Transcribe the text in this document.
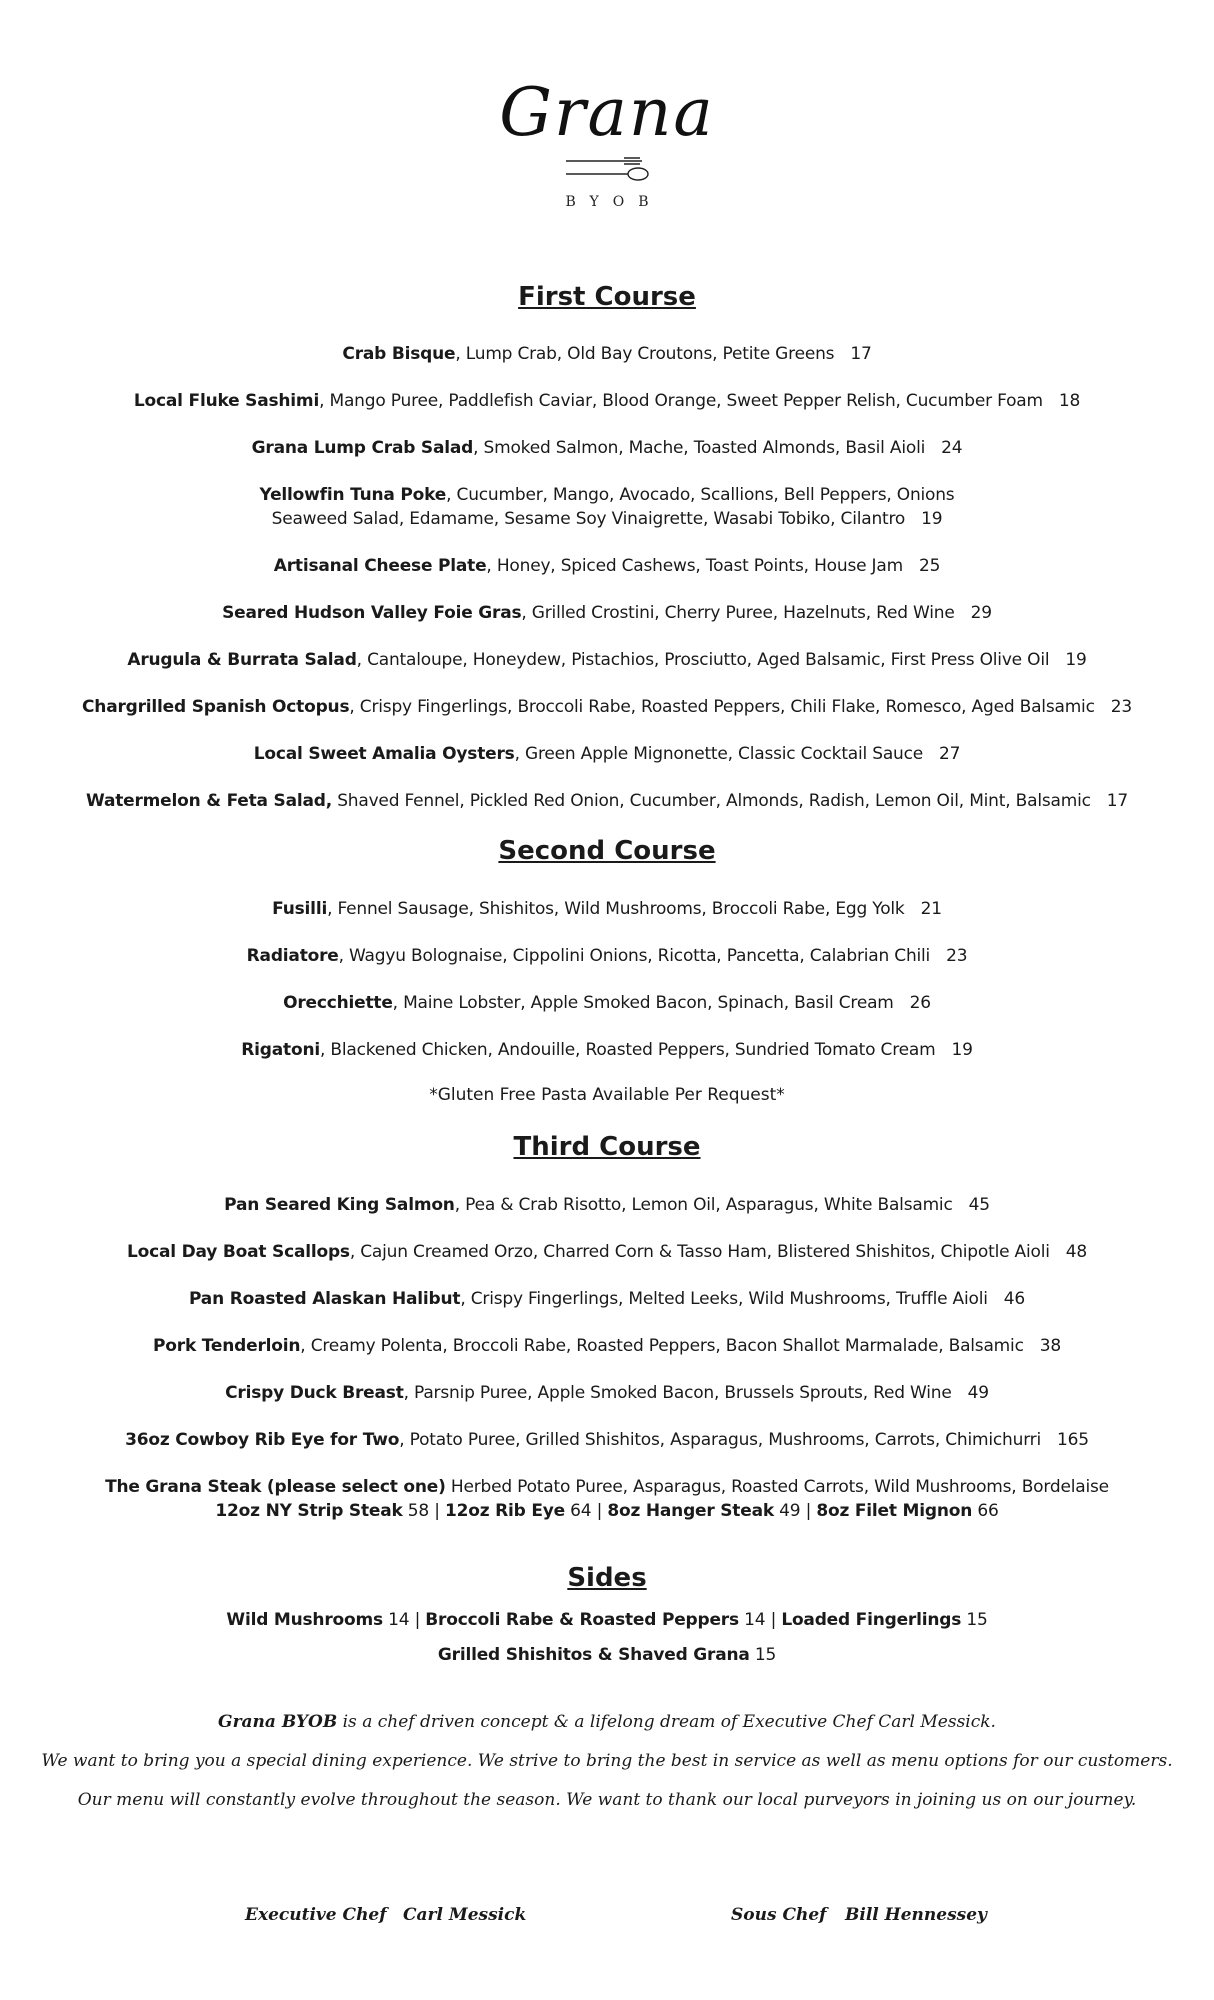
Grana
BYOB
First Course
Crab Bisque, Lump Crab, Old Bay Croutons, Petite Greens 17
Local Fluke Sashimi, Mango Puree, Paddlefish Caviar, Blood Orange, Sweet Pepper Relish, Cucumber Foam 18
Grana Lump Crab Salad, Smoked Salmon, Mache, Toasted Almonds, Basil Aioli 24
Yellowfin Tuna Poke, Cucumber, Mango, Avocado, Scallions, Bell Peppers, Onions
Seaweed Salad, Edamame, Sesame Soy Vinaigrette, Wasabi Tobiko, Cilantro 19
Artisanal Cheese Plate, Honey, Spiced Cashews, Toast Points, House Jam 25
Seared Hudson Valley Foie Gras, Grilled Crostini, Cherry Puree, Hazelnuts, Red Wine 29
Arugula & Burrata Salad, Cantaloupe, Honeydew, Pistachios, Prosciutto, Aged Balsamic, First Press Olive Oil 19
Chargrilled Spanish Octopus, Crispy Fingerlings, Broccoli Rabe, Roasted Peppers, Chili Flake, Romesco, Aged Balsamic 23
Local Sweet Amalia Oysters, Green Apple Mignonette, Classic Cocktail Sauce 27
Watermelon & Feta Salad, Shaved Fennel, Pickled Red Onion, Cucumber, Almonds, Radish, Lemon Oil, Mint, Balsamic 17
Second Course
Fusilli, Fennel Sausage, Shishitos, Wild Mushrooms, Broccoli Rabe, Egg Yolk 21
Radiatore, Wagyu Bolognaise, Cippolini Onions, Ricotta, Pancetta, Calabrian Chili 23
Orecchiette, Maine Lobster, Apple Smoked Bacon, Spinach, Basil Cream 26
Rigatoni, Blackened Chicken, Andouille, Roasted Peppers, Sundried Tomato Cream 19
*Gluten Free Pasta Available Per Request*
Third Course
Pan Seared King Salmon, Pea & Crab Risotto, Lemon Oil, Asparagus, White Balsamic 45
Local Day Boat Scallops, Cajun Creamed Orzo, Charred Corn & Tasso Ham, Blistered Shishitos, Chipotle Aioli 48
Pan Roasted Alaskan Halibut, Crispy Fingerlings, Melted Leeks, Wild Mushrooms, Truffle Aioli 46
Pork Tenderloin, Creamy Polenta, Broccoli Rabe, Roasted Peppers, Bacon Shallot Marmalade, Balsamic 38
Crispy Duck Breast, Parsnip Puree, Apple Smoked Bacon, Brussels Sprouts, Red Wine 49
36oz Cowboy Rib Eye for Two, Potato Puree, Grilled Shishitos, Asparagus, Mushrooms, Carrots, Chimichurri 165
The Grana Steak (please select one) Herbed Potato Puree, Asparagus, Roasted Carrots, Wild Mushrooms, Bordelaise
12oz NY Strip Steak 58 | 12oz Rib Eye 64 | 8oz Hanger Steak 49 | 8oz Filet Mignon 66
Sides
Wild Mushrooms 14 | Broccoli Rabe & Roasted Peppers 14 | Loaded Fingerlings 15
Grilled Shishitos & Shaved Grana 15
Grana BYOB is a chef driven concept & a lifelong dream of Executive Chef Carl Messick.
We want to bring you a special dining experience. We strive to bring the best in service as well as menu options for our customers.
Our menu will constantly evolve throughout the season. We want to thank our local purveyors in joining us on our journey.
Executive Chef Carl Messick	Sous Chef Bill Hennessey
